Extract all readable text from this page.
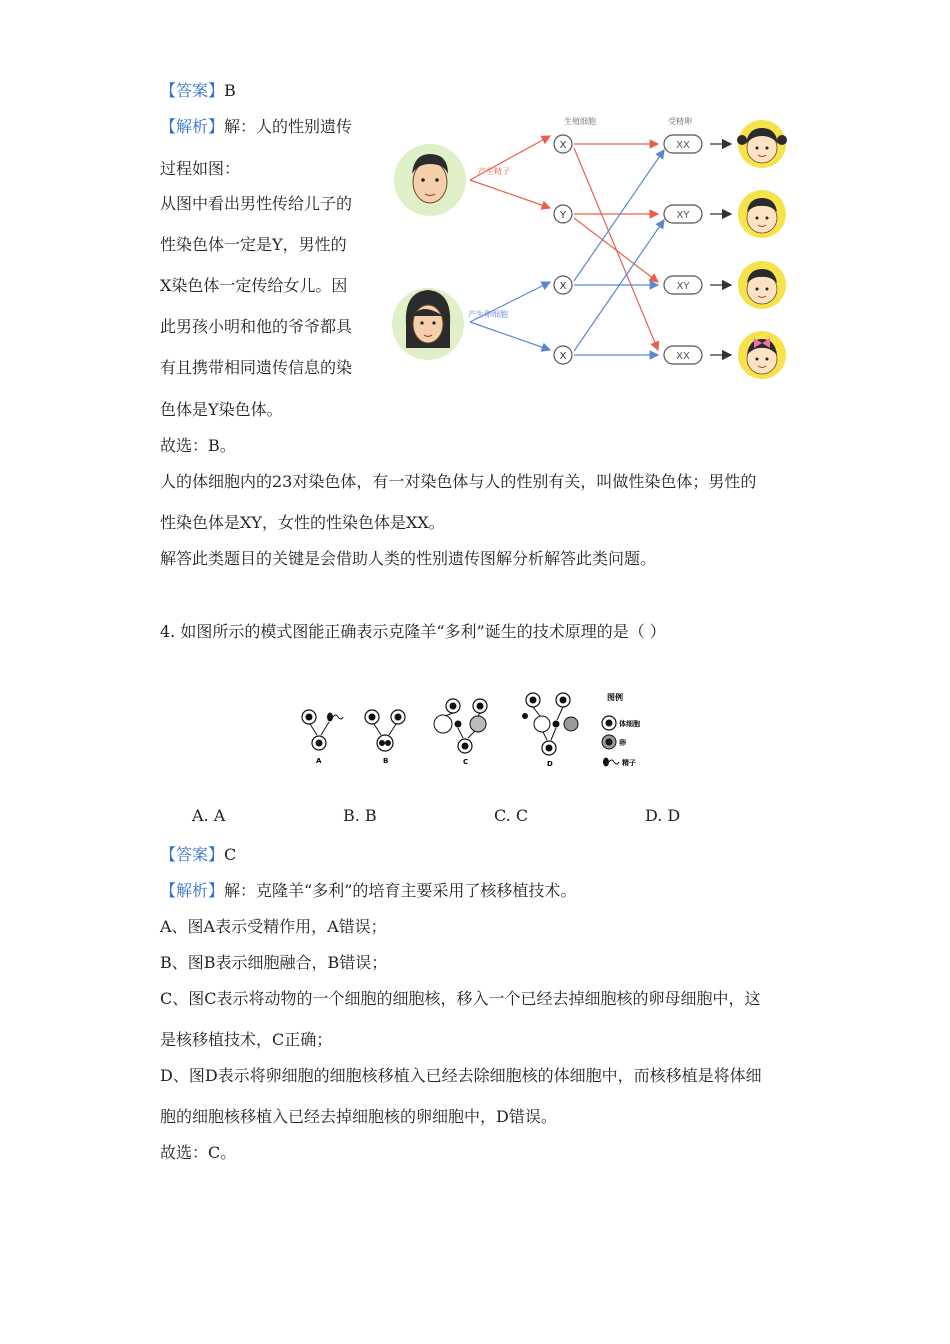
【答案】B
【解析】解：人的性别遗传
过程如图：
从图中看出男性传给儿子的
性染色体一定是Y，男性的
X染色体一定传给女儿。因
此男孩小明和他的爷爷都具
有且携带相同遗传信息的染
色体是Y染色体。
故选：B。
人的体细胞内的23对染色体，有一对染色体与人的性别有关，叫做性染色体；男性的
性染色体是XY，女性的性染色体是XX。
解答此类题目的关键是会借助人类的性别遗传图解分析解答此类问题。
生殖细胞	受精卵
产生精子
产生卵细胞
X
Y
X
X
XX
XY
XY
XX
4. 如图所示的模式图能正确表示克隆羊“多利”诞生的技术原理的是（ ）
A	B	C	D
图例
体细胞
卵
精子
A. A	B. B	C. C	D. D
【答案】C
【解析】解：克隆羊“多利”的培育主要采用了核移植技术。
A、图A表示受精作用，A错误；
B、图B表示细胞融合，B错误；
C、图C表示将动物的一个细胞的细胞核，移入一个已经去掉细胞核的卵母细胞中，这
是核移植技术，C正确；
D、图D表示将卵细胞的细胞核移植入已经去除细胞核的体细胞中，而核移植是将体细
胞的细胞核移植入已经去掉细胞核的卵细胞中，D错误。
故选：C。
